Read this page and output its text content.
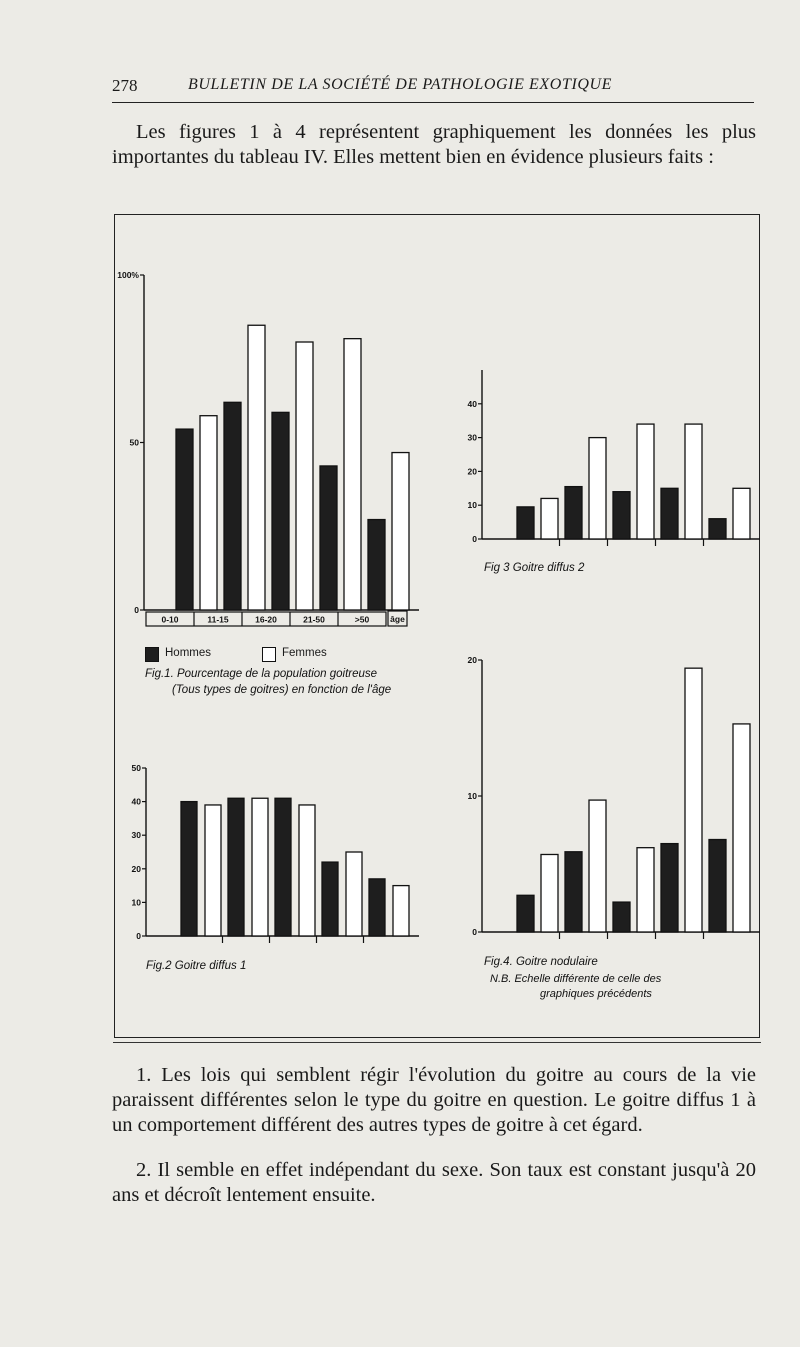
278	BULLETIN DE LA SOCIÉTÉ DE PATHOLOGIE EXOTIQUE

Les figures 1 à 4 représentent graphiquement les données les plus importantes du tableau IV. Elles mettent bien en évidence plusieurs faits :

0
50
100%
0-10	11-15	16-20	21-50	>50 âge
Hommes	Femmes
Fig.1. Pourcentage de la population goitreuse
(Tous types de goitres) en fonction de l'âge
0
10
20
30
40
Fig 3 Goitre diffus 2
0
10
20
30
40
50
Fig.2 Goitre diffus 1
0
10
20
Fig.4. Goitre nodulaire
N.B. Echelle différente de celle des
graphiques précédents

1. Les lois qui semblent régir l'évolution du goitre au cours de la vie paraissent différentes selon le type du goitre en question. Le goitre diffus 1 à un comportement différent des autres types de goitre à cet égard.

2. Il semble en effet indépendant du sexe. Son taux est constant jusqu'à 20 ans et décroît lentement ensuite.
